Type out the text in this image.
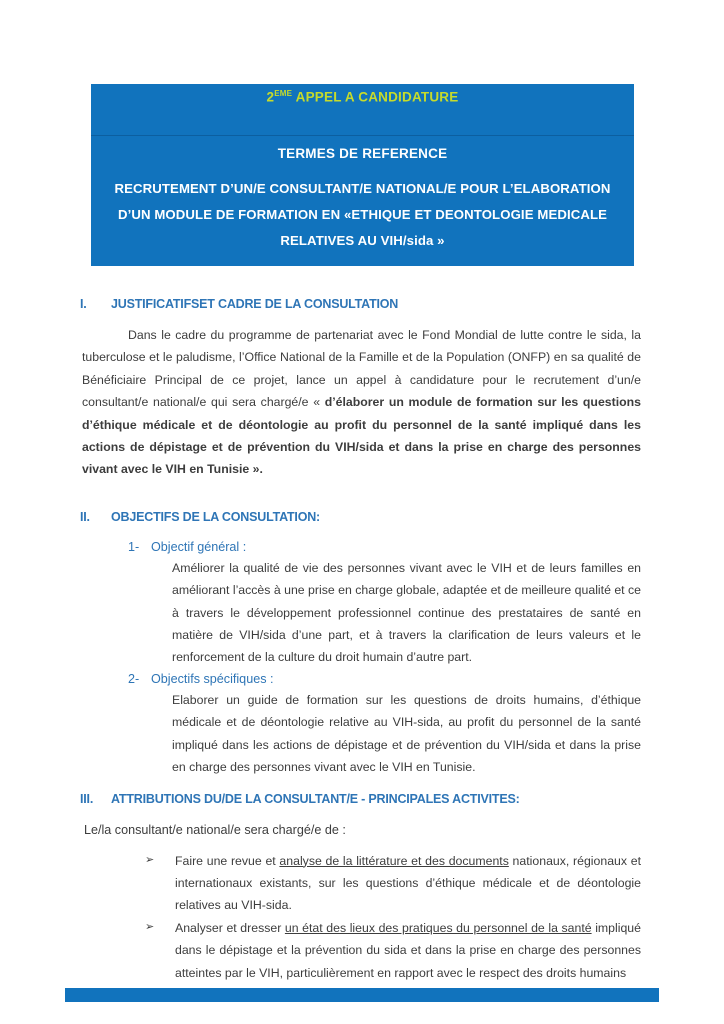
2EME APPEL A CANDIDATURE
TERMES DE REFERENCE
RECRUTEMENT D’UN/E CONSULTANT/E NATIONAL/E POUR L’ELABORATION D’UN MODULE DE FORMATION EN «ETHIQUE ET DEONTOLOGIE MEDICALE RELATIVES AU VIH/sida »
I.	JUSTIFICATIFSET CADRE DE LA CONSULTATION

Dans le cadre du programme de partenariat avec le Fond Mondial de lutte contre le sida, la tuberculose et le paludisme, l’Office National de la Famille et de la Population (ONFP) en sa qualité de Bénéficiaire Principal de ce projet, lance un appel à candidature pour le recrutement d’un/e consultant/e national/e qui sera chargé/e « d’élaborer un module de formation sur les questions d’éthique médicale et de déontologie au profit du personnel de la santé impliqué dans les actions de dépistage et de prévention du VIH/sida et dans la prise en charge des personnes vivant avec le VIH en Tunisie ».

II.	OBJECTIFS DE LA CONSULTATION:
1- Objectif général :
Améliorer la qualité de vie des personnes vivant avec le VIH et de leurs familles en améliorant l’accès à une prise en charge globale, adaptée et de meilleure qualité et ce à travers le développement professionnel continue des prestataires de santé en matière de VIH/sida d’une part, et à travers la clarification de leurs valeurs et le renforcement de la culture du droit humain d’autre part.
2- Objectifs spécifiques :
Elaborer un guide de formation sur les questions de droits humains, d’éthique médicale et de déontologie relative au VIH-sida, au profit du personnel de la santé impliqué dans les actions de dépistage et de prévention du VIH/sida et dans la prise en charge des personnes vivant avec le VIH en Tunisie.
III.	ATTRIBUTIONS DU/DE LA CONSULTANT/E - PRINCIPALES ACTIVITES:
Le/la consultant/e national/e sera chargé/e de :
➢	Faire une revue et analyse de la littérature et des documents nationaux, régionaux et internationaux existants, sur les questions d’éthique médicale et de déontologie relatives au VIH-sida.
➢	Analyser et dresser un état des lieux des pratiques du personnel de la santé impliqué dans le dépistage et la prévention du sida et dans la prise en charge des personnes atteintes par le VIH, particulièrement en rapport avec le respect des droits humains
